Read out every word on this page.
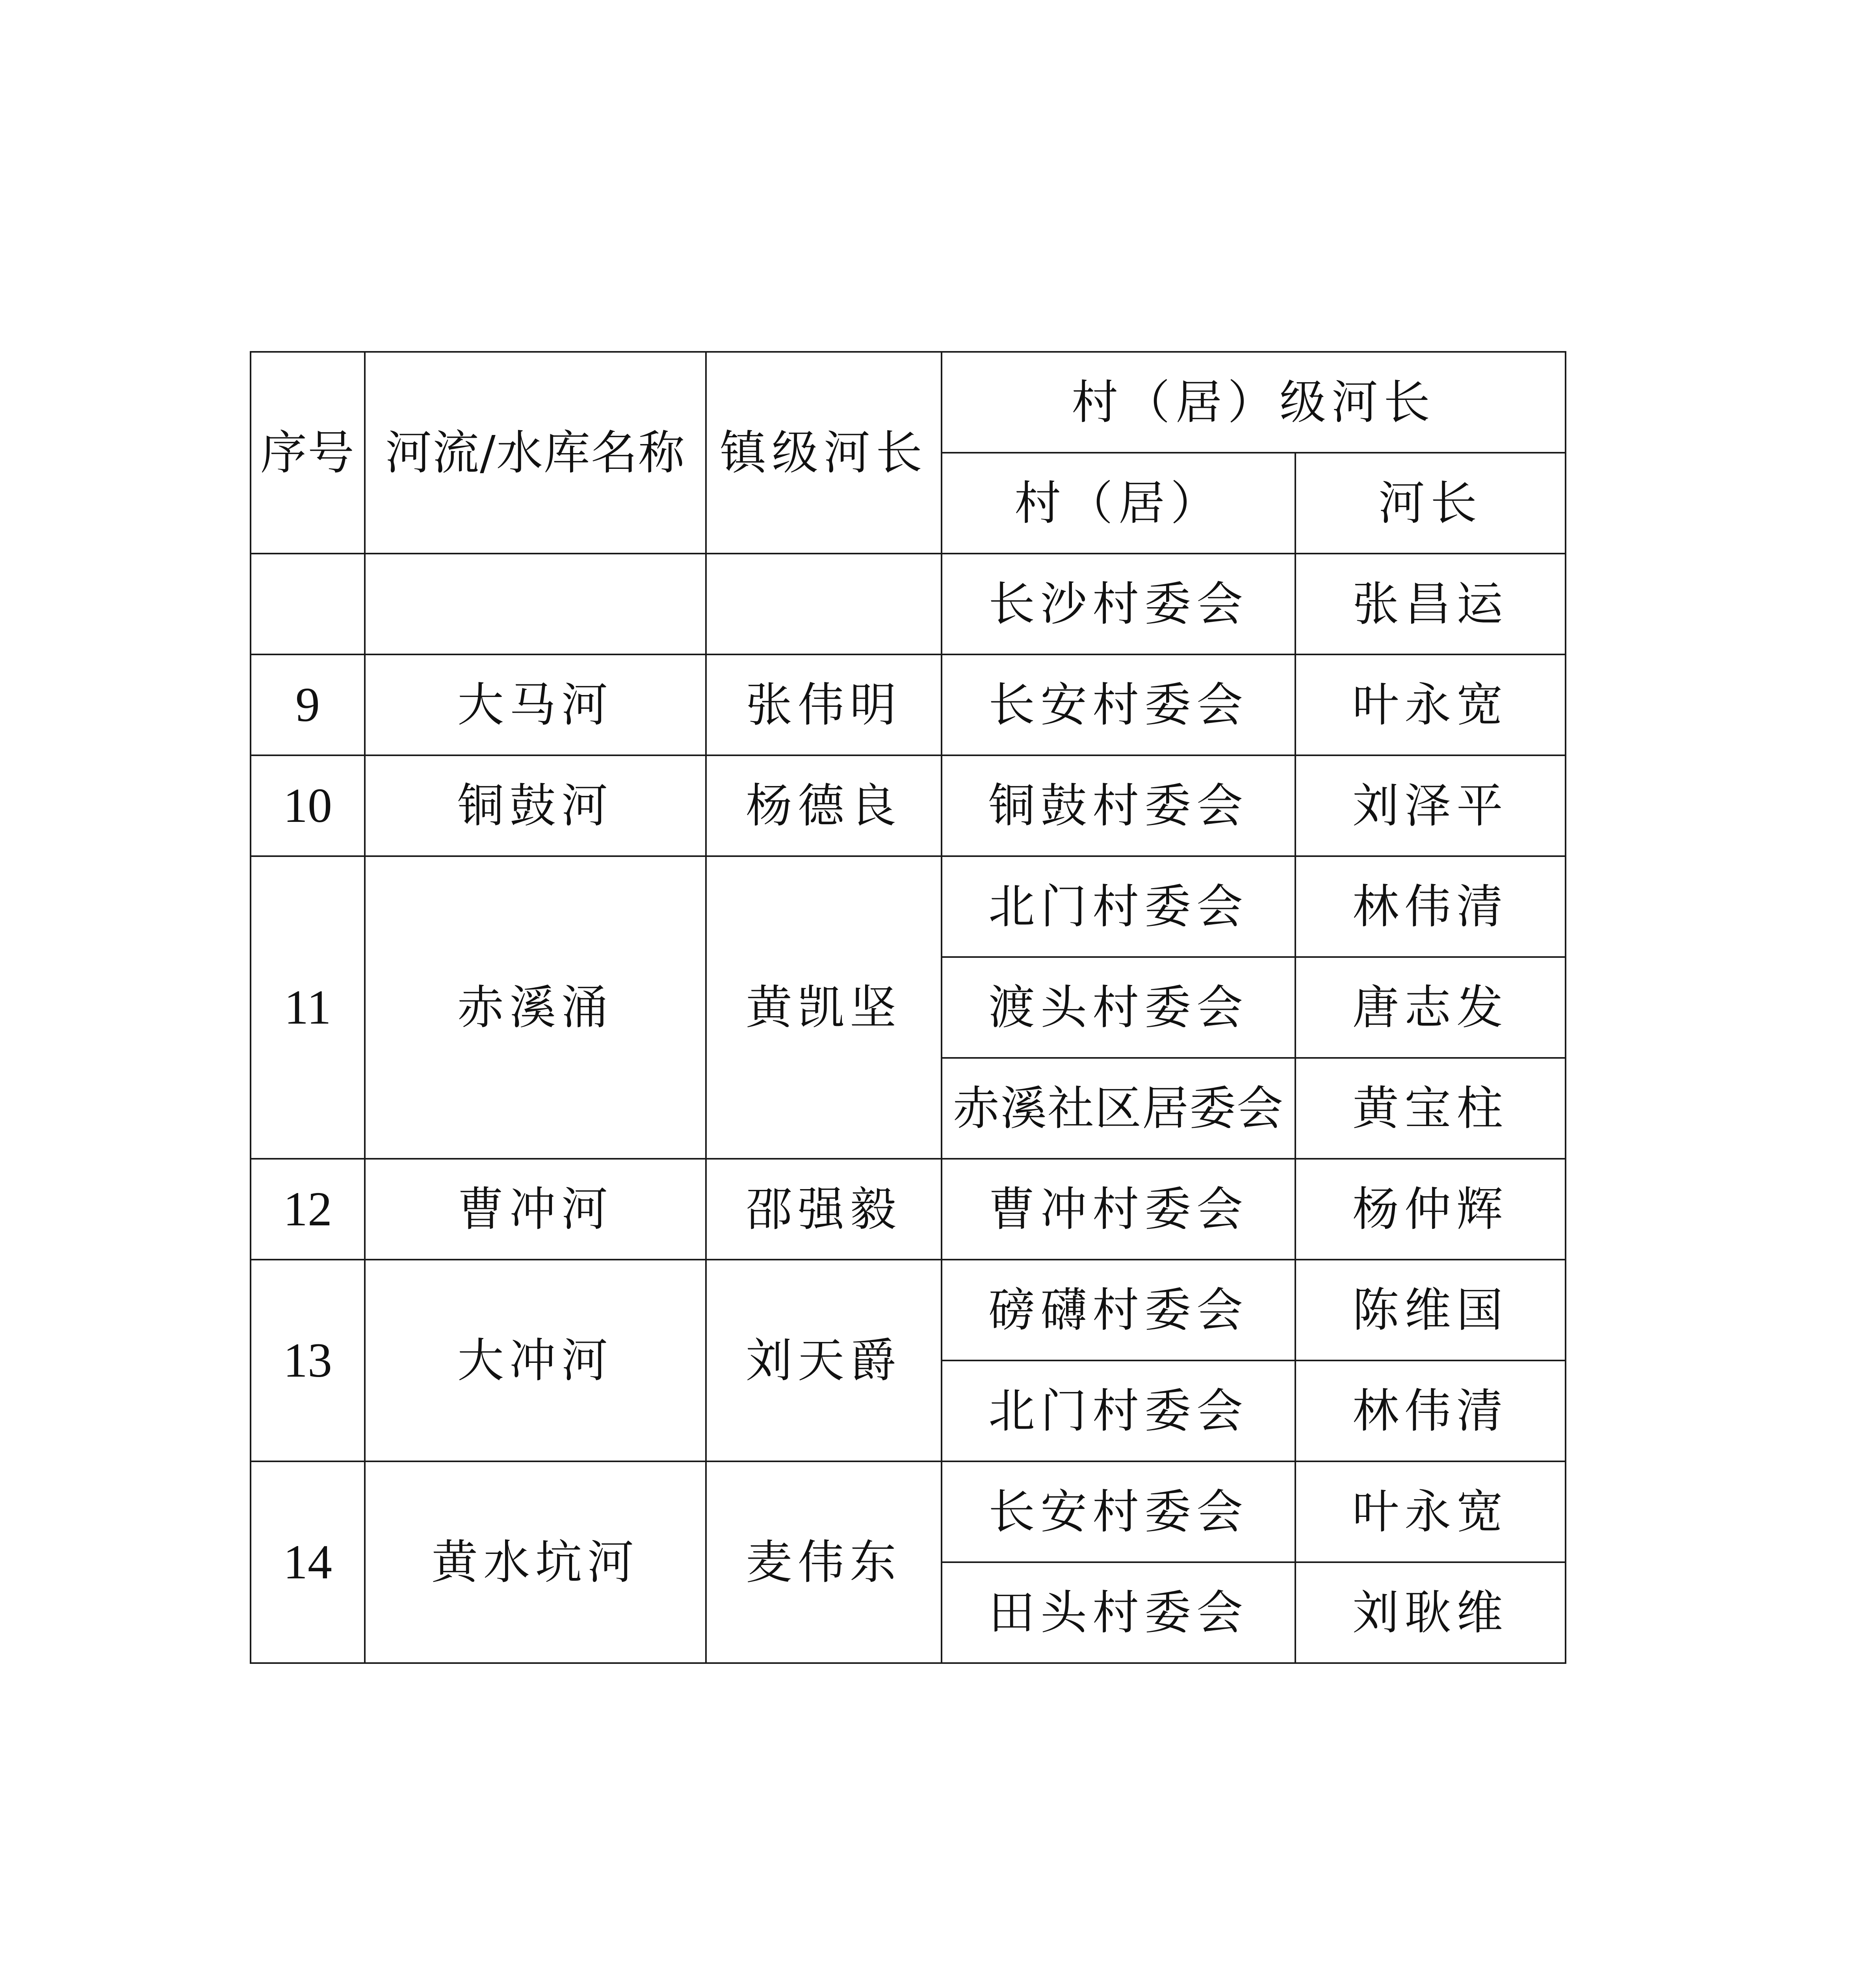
序号	河流/水库名称	镇级河长	村（居）级河长	
			村（居）	河长
			长沙村委会	张昌运
9	大马河	张伟明	长安村委会	叶永宽
10	铜鼓河	杨德良	铜鼓村委会	刘泽平
11	赤溪涌	黄凯坚	北门村委会	林伟清
			渡头村委会	唐志发
			赤溪社区居委会	黄宝柱
12	曹冲河	邵强毅	曹冲村委会	杨仲辉
13	大冲河	刘天爵	磅礴村委会	陈维国
			北门村委会	林伟清
14	黄水坑河	麦伟东	长安村委会	叶永宽
			田头村委会	刘耿维
